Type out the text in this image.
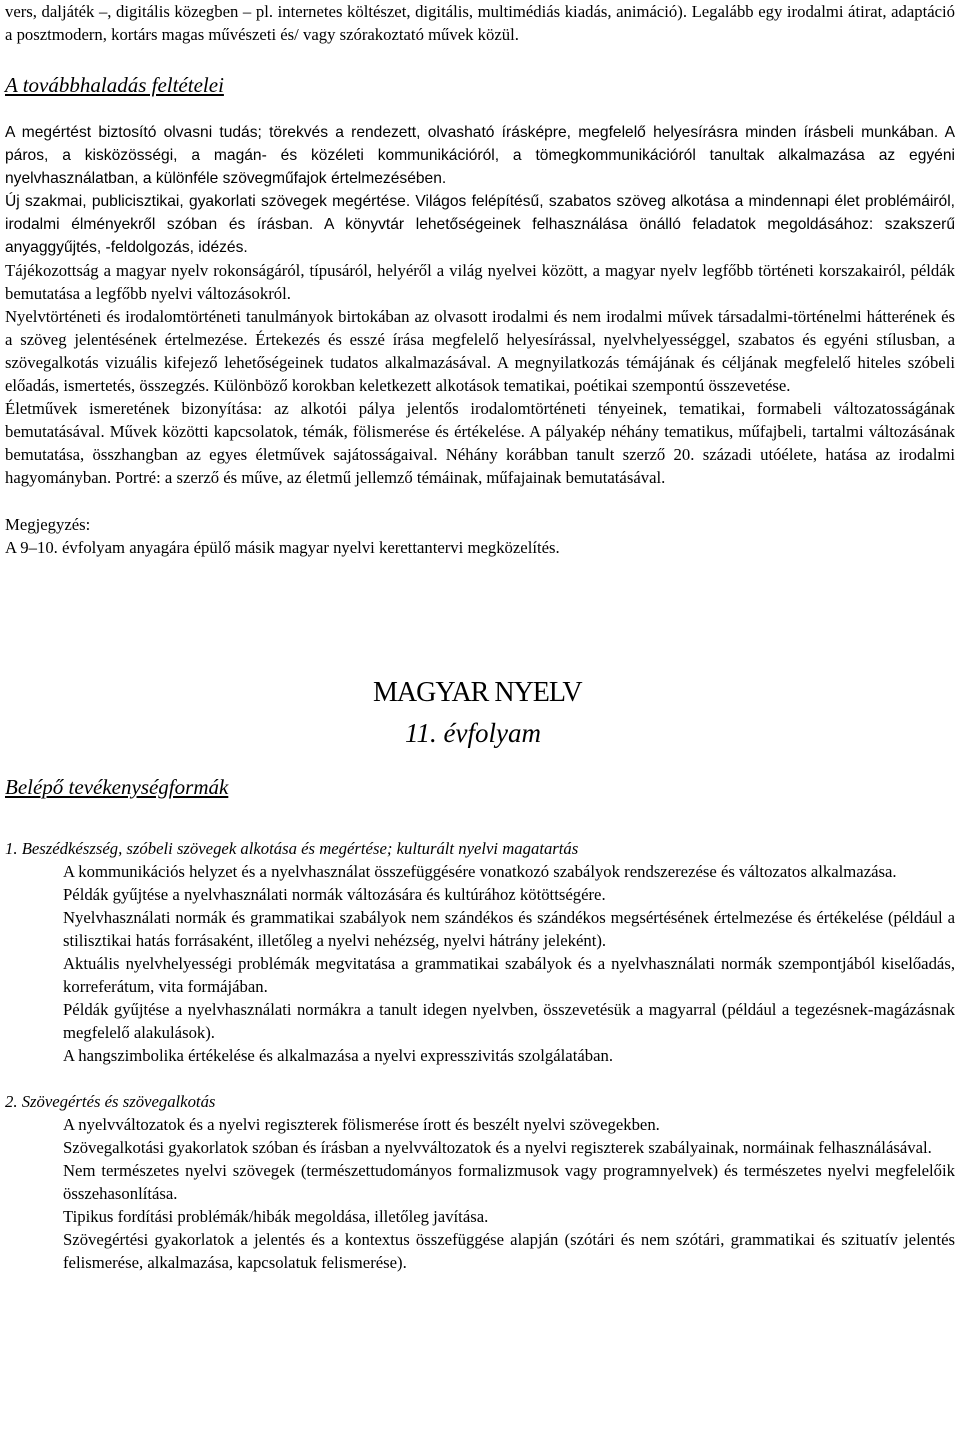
vers, daljáték –, digitális közegben – pl. internetes költészet, digitális, multimédiás kiadás, animáció). Legalább egy irodalmi átirat, adaptáció a posztmodern, kortárs magas művészeti és/ vagy szórakoztató művek közül.

A továbbhaladás feltételei

A megértést biztosító olvasni tudás; törekvés a rendezett, olvasható írásképre, megfelelő helyesírásra minden írásbeli munkában. A páros, a kisközösségi, a magán- és közéleti kommunikációról, a tömegkommunikációról tanultak alkalmazása az egyéni nyelvhasználatban, a különféle szövegműfajok értelmezésében.

Új szakmai, publicisztikai, gyakorlati szövegek megértése. Világos felépítésű, szabatos szöveg alkotása a mindennapi élet problémáiról, irodalmi élményekről szóban és írásban. A könyvtár lehetőségeinek felhasználása önálló feladatok megoldásához: szakszerű anyaggyűjtés, -feldolgozás, idézés.

Tájékozottság a magyar nyelv rokonságáról, típusáról, helyéről a világ nyelvei között, a magyar nyelv legfőbb történeti korszakairól, példák bemutatása a legfőbb nyelvi változásokról.

Nyelvtörténeti és irodalomtörténeti tanulmányok birtokában az olvasott irodalmi és nem irodalmi művek társadalmi-történelmi hátterének és a szöveg jelentésének értelmezése. Értekezés és esszé írása megfelelő helyesírással, nyelvhelyességgel, szabatos és egyéni stílusban, a szövegalkotás vizuális kifejező lehetőségeinek tudatos alkalmazásával. A megnyilatkozás témájának és céljának megfelelő hiteles szóbeli előadás, ismertetés, összegzés. Különböző korokban keletkezett alkotások tematikai, poétikai szempontú összevetése.

Életművek ismeretének bizonyítása: az alkotói pálya jelentős irodalomtörténeti tényeinek, tematikai, formabeli változatosságának bemutatásával. Művek közötti kapcsolatok, témák, fölismerése és értékelése. A pályakép néhány tematikus, műfajbeli, tartalmi változásának bemutatása, összhangban az egyes életművek sajátosságaival. Néhány korábban tanult szerző 20. századi utóélete, hatása az irodalmi hagyományban. Portré: a szerző és műve, az életmű jellemző témáinak, műfajainak bemutatásával.

Megjegyzés:

A 9–10. évfolyam anyagára épülő másik magyar nyelvi kerettantervi megközelítés.

MAGYAR NYELV
11. évfolyam
Belépő tevékenységformák

1. Beszédkészség, szóbeli szövegek alkotása és megértése; kulturált nyelvi magatartás

A kommunikációs helyzet és a nyelvhasználat összefüggésére vonatkozó szabályok rendszerezése és változatos alkalmazása.

Példák gyűjtése a nyelvhasználati normák változására és kultúrához kötöttségére.

Nyelvhasználati normák és grammatikai szabályok nem szándékos és szándékos megsértésének értelmezése és értékelése (például a stilisztikai hatás forrásaként, illetőleg a nyelvi nehézség, nyelvi hátrány jeleként).

Aktuális nyelvhelyességi problémák megvitatása a grammatikai szabályok és a nyelvhasználati normák szempontjából kiselőadás, korreferátum, vita formájában.

Példák gyűjtése a nyelvhasználati normákra a tanult idegen nyelvben, összevetésük a magyarral (például a tegezésnek-magázásnak megfelelő alakulások).

A hangszimbolika értékelése és alkalmazása a nyelvi expresszivitás szolgálatában.

2. Szövegértés és szövegalkotás

A nyelvváltozatok és a nyelvi regiszterek fölismerése írott és beszélt nyelvi szövegekben.

Szövegalkotási gyakorlatok szóban és írásban a nyelvváltozatok és a nyelvi regiszterek szabályainak, normáinak felhasználásával.

Nem természetes nyelvi szövegek (természettudományos formalizmusok vagy programnyelvek) és természetes nyelvi megfelelőik összehasonlítása.

Tipikus fordítási problémák/hibák megoldása, illetőleg javítása.

Szövegértési gyakorlatok a jelentés és a kontextus összefüggése alapján (szótári és nem szótári, grammatikai és szituatív jelentés felismerése, alkalmazása, kapcsolatuk felismerése).
